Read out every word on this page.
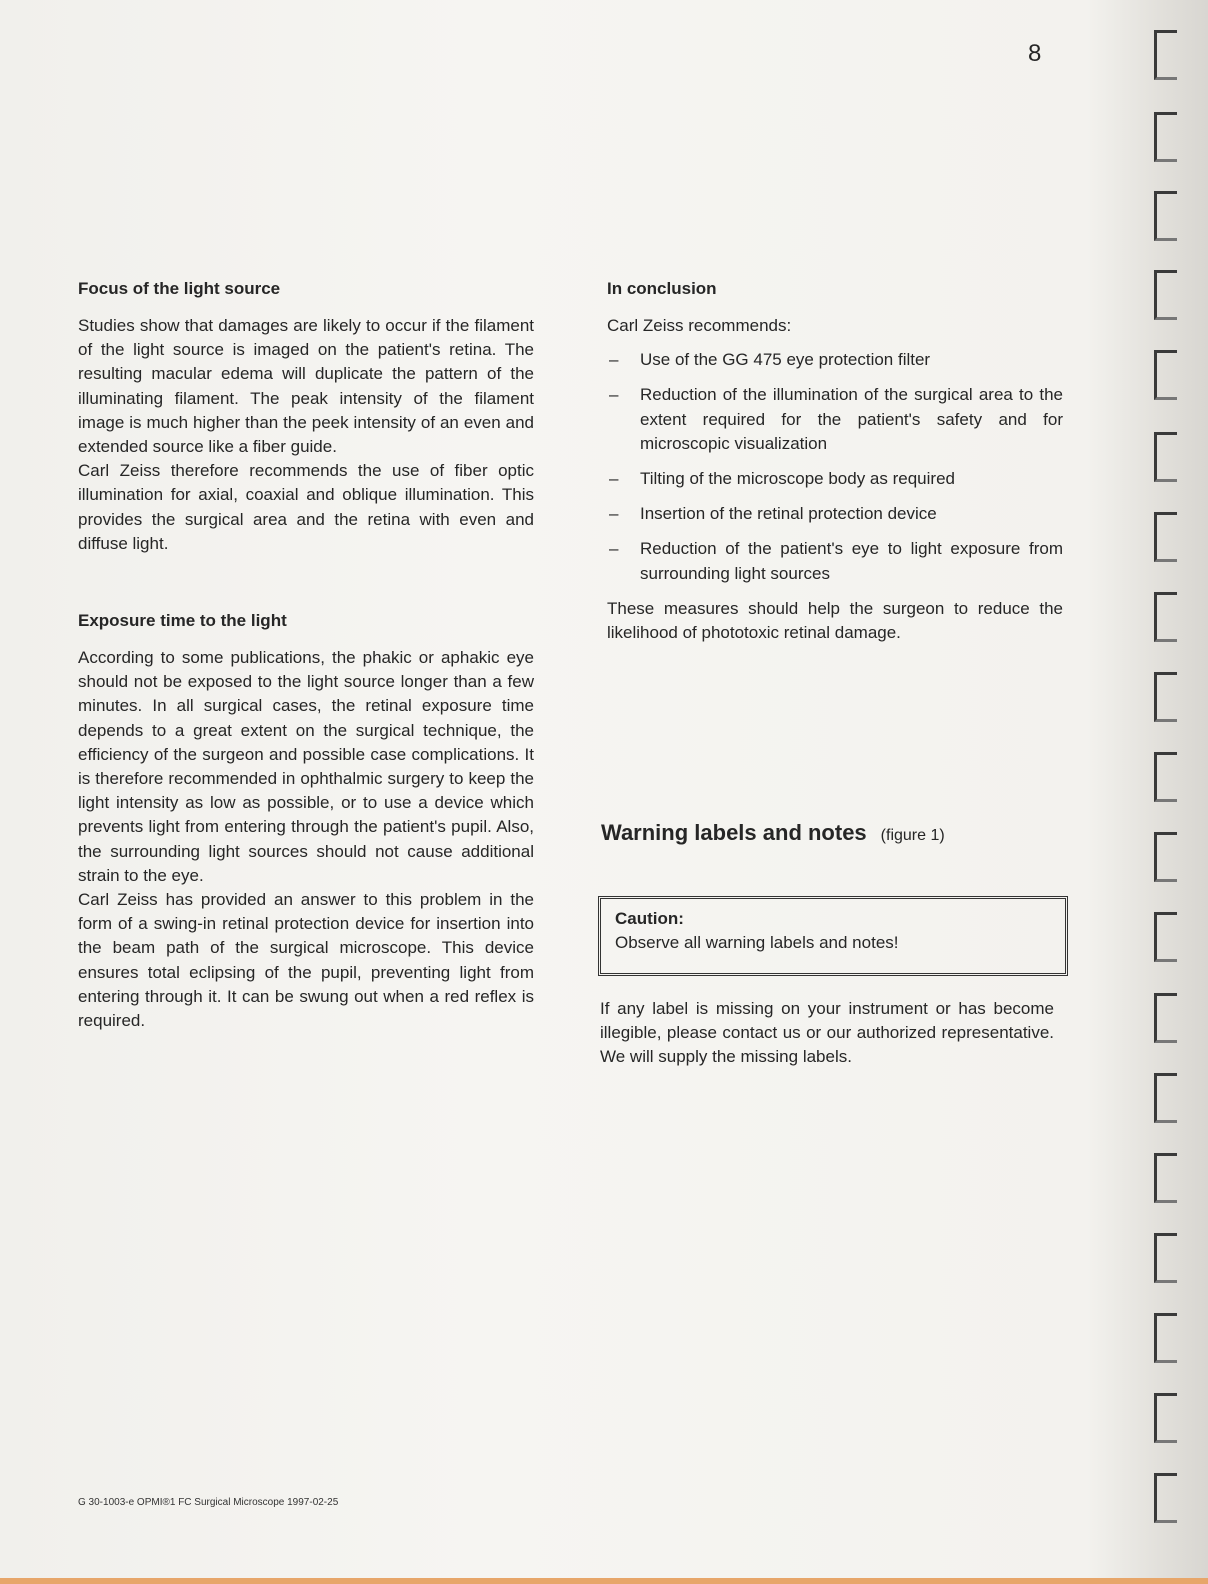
8
Focus of the light source

Studies show that damages are likely to occur if the filament of the light source is imaged on the patient's retina. The resulting macular edema will duplicate the pattern of the illuminating filament. The peak intensity of the filament image is much higher than the peek intensity of an even and extended source like a fiber guide.

Carl Zeiss therefore recommends the use of fiber optic illumination for axial, coaxial and oblique illumination. This provides the surgical area and the retina with even and diffuse light.

Exposure time to the light

According to some publications, the phakic or aphakic eye should not be exposed to the light source longer than a few minutes. In all surgical cases, the retinal exposure time depends to a great extent on the surgical technique, the efficiency of the surgeon and possible case complications. It is therefore recommended in ophthalmic surgery to keep the light intensity as low as possible, or to use a device which prevents light from entering through the patient's pupil. Also, the surrounding light sources should not cause additional strain to the eye.

Carl Zeiss has provided an answer to this problem in the form of a swing-in retinal protection device for insertion into the beam path of the surgical microscope. This device ensures total eclipsing of the pupil, preventing light from entering through it. It can be swung out when a red reflex is required.

In conclusion

Carl Zeiss recommends:

– Use of the GG 475 eye protection filter
– Reduction of the illumination of the surgical area to the extent required for the patient's safety and for microscopic visualization
– Tilting of the microscope body as required
– Insertion of the retinal protection device
– Reduction of the patient's eye to light exposure from surrounding light sources

These measures should help the surgeon to reduce the likelihood of phototoxic retinal damage.

Warning labels and notes (figure 1)
Caution:
Observe all warning labels and notes!

If any label is missing on your instrument or has become illegible, please contact us or our authorized representative. We will supply the missing labels.

G 30-1003-e OPMI®1 FC Surgical Microscope 1997-02-25
